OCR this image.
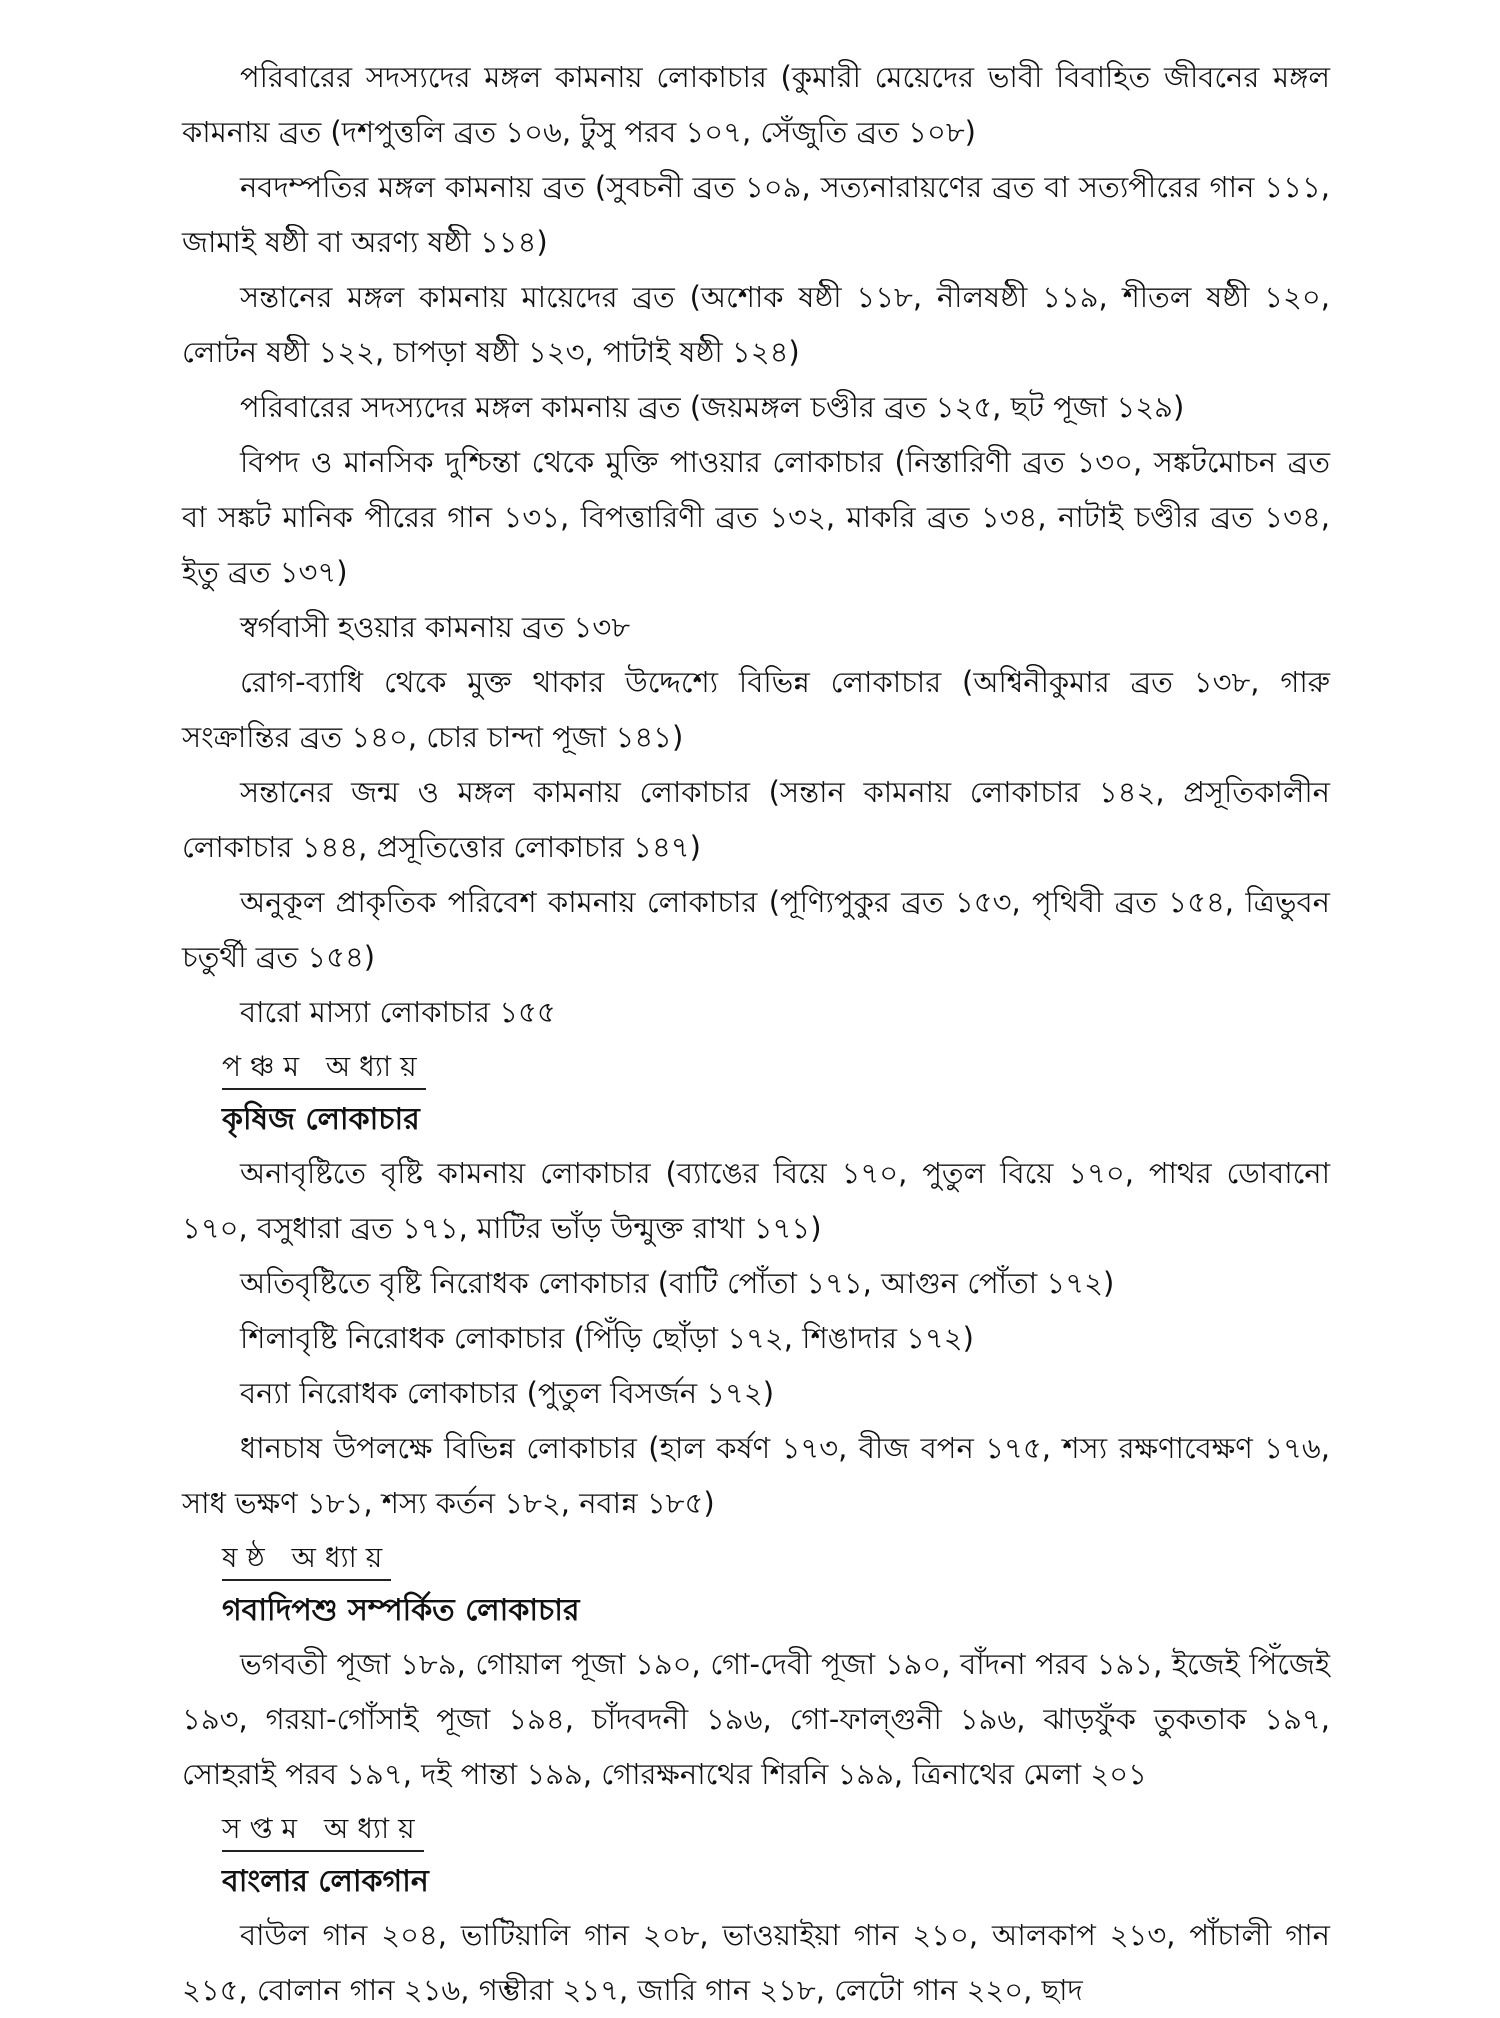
পরিবারের সদস্যদের মঙ্গল কামনায় লোকাচার (কুমারী মেয়েদের ভাবী বিবাহিত জীবনের মঙ্গল কামনায় ব্রত (দশপুত্তলি ব্রত ১০৬, টুসু পরব ১০৭, সেঁজুতি ব্রত ১০৮)

নবদম্পতির মঙ্গল কামনায় ব্রত (সুবচনী ব্রত ১০৯, সত্যনারায়ণের ব্রত বা সত্যপীরের গান ১১১, জামাই ষষ্ঠী বা অরণ্য ষষ্ঠী ১১৪)

সন্তানের মঙ্গল কামনায় মায়েদের ব্রত (অশোক ষষ্ঠী ১১৮, নীলষষ্ঠী ১১৯, শীতল ষষ্ঠী ১২০, লোটন ষষ্ঠী ১২২, চাপড়া ষষ্ঠী ১২৩, পাটাই ষষ্ঠী ১২৪)

পরিবারের সদস্যদের মঙ্গল কামনায় ব্রত (জয়মঙ্গল চণ্ডীর ব্রত ১২৫, ছট পূজা ১২৯)

বিপদ ও মানসিক দুশ্চিন্তা থেকে মুক্তি পাওয়ার লোকাচার (নিস্তারিণী ব্রত ১৩০, সঙ্কটমোচন ব্রত বা সঙ্কট মানিক পীরের গান ১৩১, বিপত্তারিণী ব্রত ১৩২, মাকরি ব্রত ১৩৪, নাটাই চণ্ডীর ব্রত ১৩৪, ইতু ব্রত ১৩৭)

স্বর্গবাসী হওয়ার কামনায় ব্রত ১৩৮

রোগ-ব্যাধি থেকে মুক্ত থাকার উদ্দেশ্যে বিভিন্ন লোকাচার (অশ্বিনীকুমার ব্রত ১৩৮, গারু সংক্রান্তির ব্রত ১৪০, চোর চান্দা পূজা ১৪১)

সন্তানের জন্ম ও মঙ্গল কামনায় লোকাচার (সন্তান কামনায় লোকাচার ১৪২, প্রসূতিকালীন লোকাচার ১৪৪, প্রসূতিত্তোর লোকাচার ১৪৭)

অনুকূল প্রাকৃতিক পরিবেশ কামনায় লোকাচার (পূণ্যিপুকুর ব্রত ১৫৩, পৃথিবী ব্রত ১৫৪, ত্রিভুবন চতুর্থী ব্রত ১৫৪)

বারো মাস্যা লোকাচার ১৫৫

পঞ্চম অধ্যায়
কৃষিজ লোকাচার

অনাবৃষ্টিতে বৃষ্টি কামনায় লোকাচার (ব্যাঙের বিয়ে ১৭০, পুতুল বিয়ে ১৭০, পাথর ডোবানো ১৭০, বসুধারা ব্রত ১৭১, মাটির ভাঁড় উন্মুক্ত রাখা ১৭১)

অতিবৃষ্টিতে বৃষ্টি নিরোধক লোকাচার (বাটি পোঁতা ১৭১, আগুন পোঁতা ১৭২)

শিলাবৃষ্টি নিরোধক লোকাচার (পিঁড়ি ছোঁড়া ১৭২, শিঙাদার ১৭২)

বন্যা নিরোধক লোকাচার (পুতুল বিসর্জন ১৭২)

ধানচাষ উপলক্ষে বিভিন্ন লোকাচার (হাল কর্ষণ ১৭৩, বীজ বপন ১৭৫, শস্য রক্ষণাবেক্ষণ ১৭৬, সাধ ভক্ষণ ১৮১, শস্য কর্তন ১৮২, নবান্ন ১৮৫)

ষষ্ঠ অধ্যায়
গবাদিপশু সম্পর্কিত লোকাচার

ভগবতী পূজা ১৮৯, গোয়াল পূজা ১৯০, গো-দেবী পূজা ১৯০, বাঁদনা পরব ১৯১, ইজেই পিঁজেই ১৯৩, গরয়া-গোঁসাই পূজা ১৯৪, চাঁদবদনী ১৯৬, গো-ফাল্গুনী ১৯৬, ঝাড়ফুঁক তুকতাক ১৯৭, সোহরাই পরব ১৯৭, দই পান্তা ১৯৯, গোরক্ষনাথের শিরনি ১৯৯, ত্রিনাথের মেলা ২০১

সপ্তম অধ্যায়
বাংলার লোকগান

বাউল গান ২০৪, ভাটিয়ালি গান ২০৮, ভাওয়াইয়া গান ২১০, আলকাপ ২১৩, পাঁচালী গান ২১৫, বোলান গান ২১৬, গম্ভীরা ২১৭, জারি গান ২১৮, লেটো গান ২২০, ছাদ
